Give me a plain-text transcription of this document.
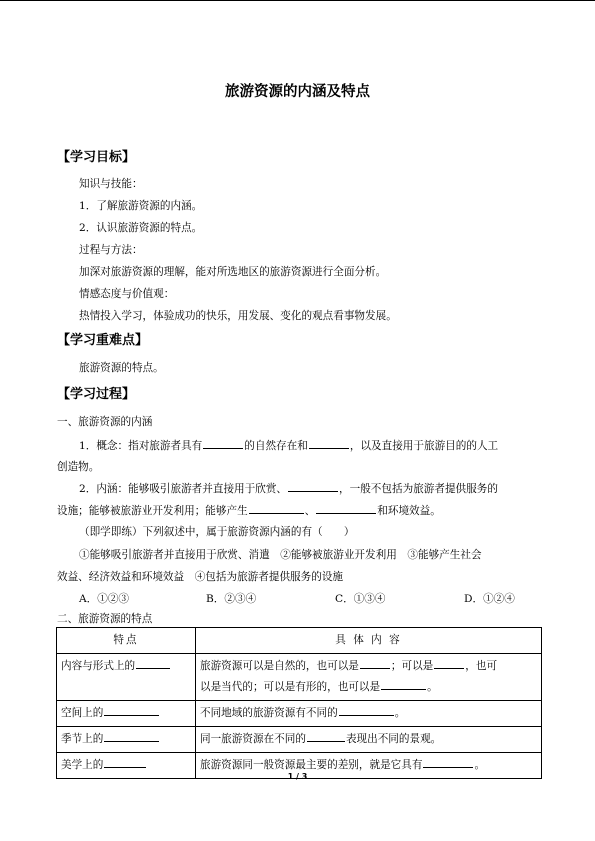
旅游资源的内涵及特点
【学习目标】
知识与技能：
1．了解旅游资源的内涵。
2．认识旅游资源的特点。
过程与方法：
加深对旅游资源的理解，能对所选地区的旅游资源进行全面分析。
情感态度与价值观：
热情投入学习，体验成功的快乐，用发展、变化的观点看事物发展。
【学习重难点】
旅游资源的特点。
【学习过程】
一、旅游资源的内涵
1．概念：指对旅游者具有	的自然存在和	，以及直接用于旅游目的的人工
创造物。
2．内涵：能够吸引旅游者并直接用于欣赏、	，一般不包括为旅游者提供服务的
设施；能够被旅游业开发利用；能够产生	、	和环境效益。
（即学即练）下列叙述中，属于旅游资源内涵的有（　　）
①能够吸引旅游者并直接用于欣赏、消遣　②能够被旅游业开发利用　③能够产生社会
效益、经济效益和环境效益　④包括为旅游者提供服务的设施
A．①②③	B．②③④	C．①③④	D．①②④
二、旅游资源的特点
特点	具 体 内 容
内容与形式上的	旅游资源可以是自然的，也可以是 ；可以是 ，也可
以是当代的；可以是有形的，也可以是 。
空间上的	不同地域的旅游资源有不同的 。
季节上的	同一旅游资源在不同的 表现出不同的景观。
美学上的	旅游资源同一般资源最主要的差别，就是它具有 。
1 / 3
